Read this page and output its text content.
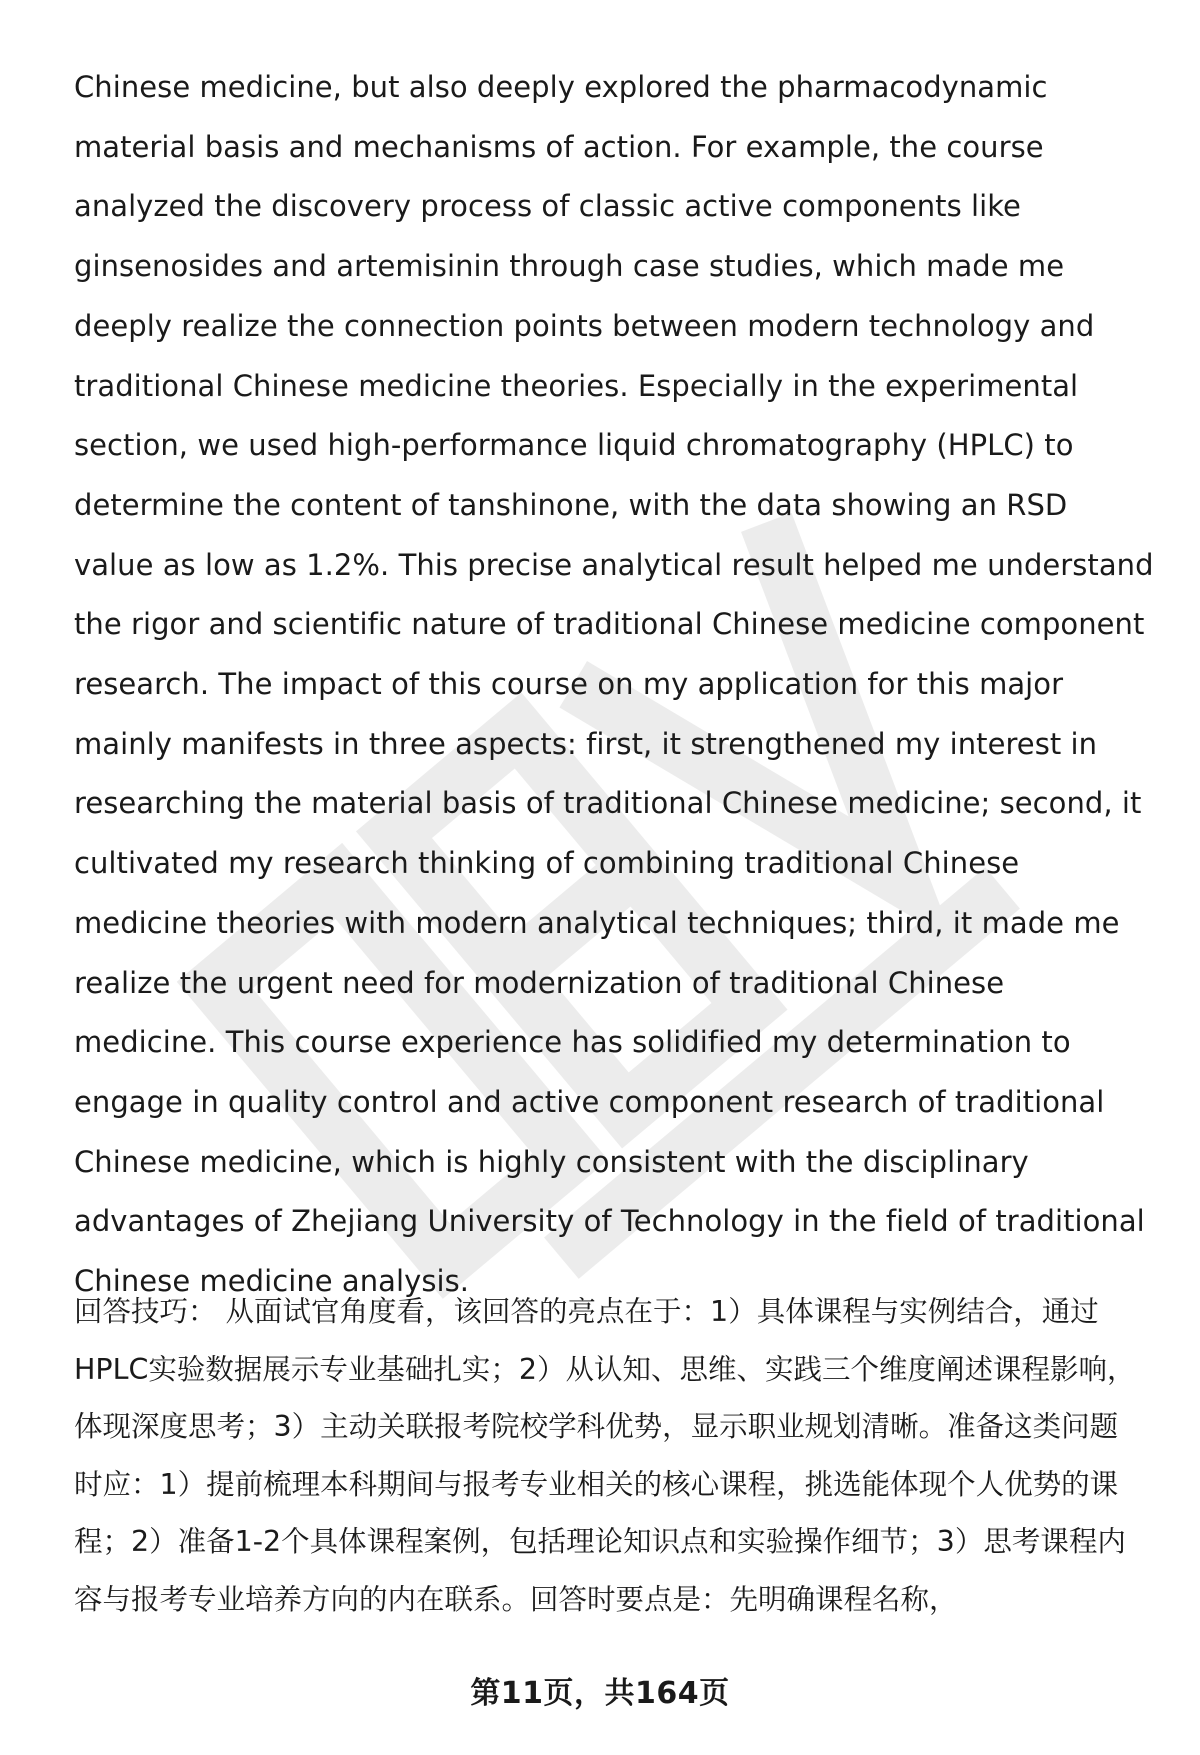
Chinese medicine, but also deeply explored the pharmacodynamic material basis and mechanisms of action. For example, the course analyzed the discovery process of classic active components like ginsenosides and artemisinin through case studies, which made me deeply realize the connection points between modern technology and traditional Chinese medicine theories. Especially in the experimental section, we used high-performance liquid chromatography (HPLC) to determine the content of tanshinone, with the data showing an RSD value as low as 1.2%. This precise analytical result helped me understand the rigor and scientific nature of traditional Chinese medicine component research. The impact of this course on my application for this major mainly manifests in three aspects: first, it strengthened my interest in researching the material basis of traditional Chinese medicine; second, it cultivated my research thinking of combining traditional Chinese medicine theories with modern analytical techniques; third, it made me realize the urgent need for modernization of traditional Chinese medicine. This course experience has solidified my determination to engage in quality control and active component research of traditional Chinese medicine, which is highly consistent with the disciplinary advantages of Zhejiang University of Technology in the field of traditional Chinese medicine analysis.

回答技巧： 从面试官角度看，该回答的亮点在于：1）具体课程与实例结合，通过HPLC实验数据展示专业基础扎实；2）从认知、思维、实践三个维度阐述课程影响，体现深度思考；3）主动关联报考院校学科优势，显示职业规划清晰。准备这类问题时应：1）提前梳理本科期间与报考专业相关的核心课程，挑选能体现个人优势的课程；2）准备1-2个具体课程案例，包括理论知识点和实验操作细节；3）思考课程内容与报考专业培养方向的内在联系。回答时要点是：先明确课程名称，

第11页，共164页
